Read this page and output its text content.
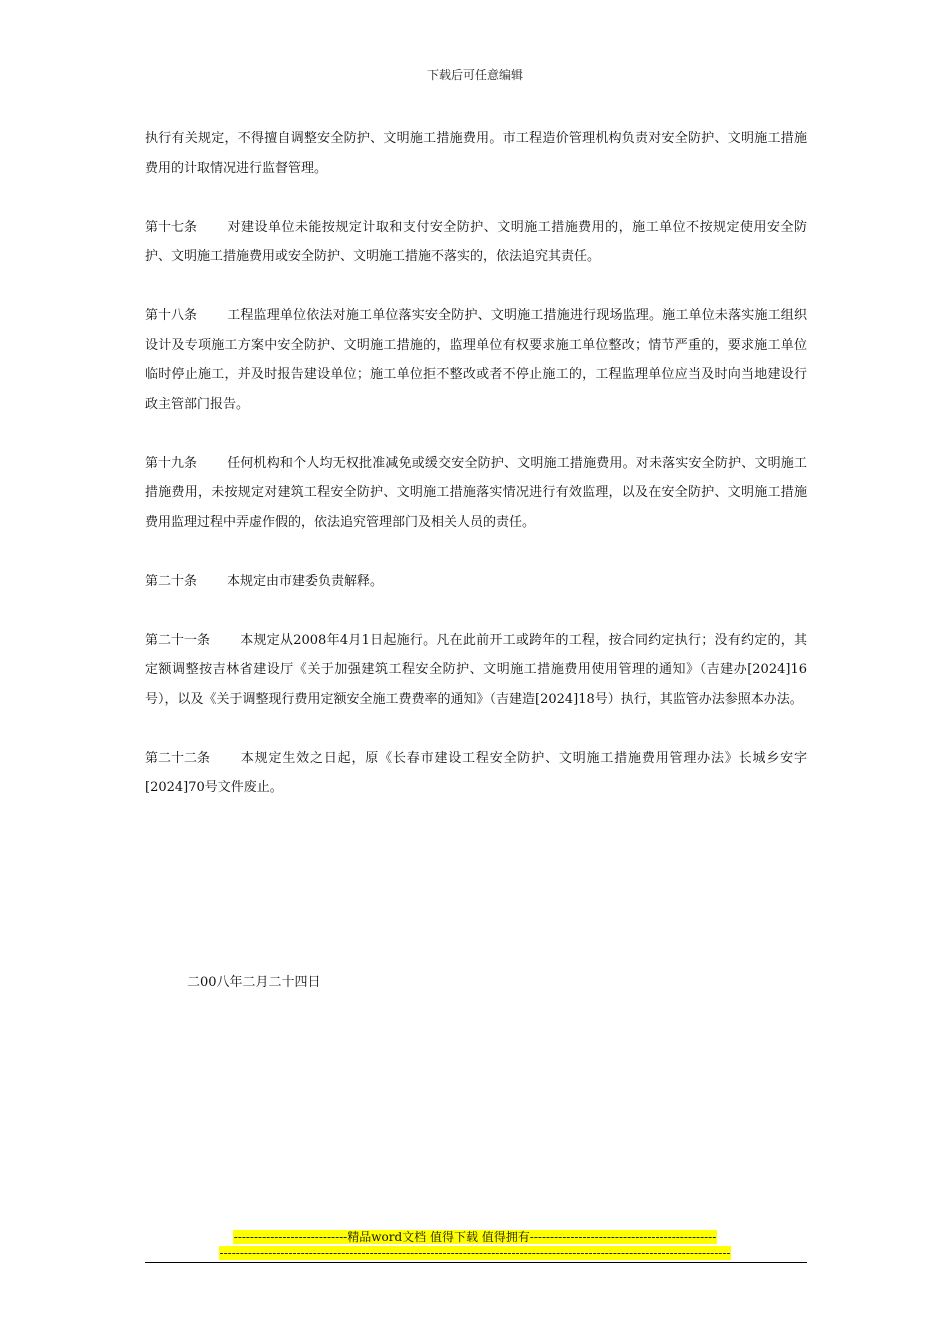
下载后可任意编辑

执行有关规定，不得擅自调整安全防护、文明施工措施费用。市工程造价管理机构负责对安全防护、文明施工措施费用的计取情况进行监督管理。

第十七条 对建设单位未能按规定计取和支付安全防护、文明施工措施费用的，施工单位不按规定使用安全防护、文明施工措施费用或安全防护、文明施工措施不落实的，依法追究其责任。

第十八条 工程监理单位依法对施工单位落实安全防护、文明施工措施进行现场监理。施工单位未落实施工组织设计及专项施工方案中安全防护、文明施工措施的，监理单位有权要求施工单位整改；情节严重的，要求施工单位临时停止施工，并及时报告建设单位；施工单位拒不整改或者不停止施工的，工程监理单位应当及时向当地建设行政主管部门报告。

第十九条 任何机构和个人均无权批准减免或缓交安全防护、文明施工措施费用。对未落实安全防护、文明施工措施费用，未按规定对建筑工程安全防护、文明施工措施落实情况进行有效监理，以及在安全防护、文明施工措施费用监理过程中弄虚作假的，依法追究管理部门及相关人员的责任。

第二十条 本规定由市建委负责解释。

第二十一条 本规定从2008年4月1日起施行。凡在此前开工或跨年的工程，按合同约定执行；没有约定的，其定额调整按吉林省建设厅《关于加强建筑工程安全防护、文明施工措施费用使用管理的通知》（吉建办[2024]16号），以及《关于调整现行费用定额安全施工费费率的通知》（吉建造[2024]18号）执行，其监管办法参照本办法。

第二十二条 本规定生效之日起，原《长春市建设工程安全防护、文明施工措施费用管理办法》长城乡安字[2024]70号文件废止。

二00八年二月二十四日
----------------------------精品word文档 值得下载 值得拥有----------------------------------------------
------------------------------------------------------------------------------------------------------------------------------
